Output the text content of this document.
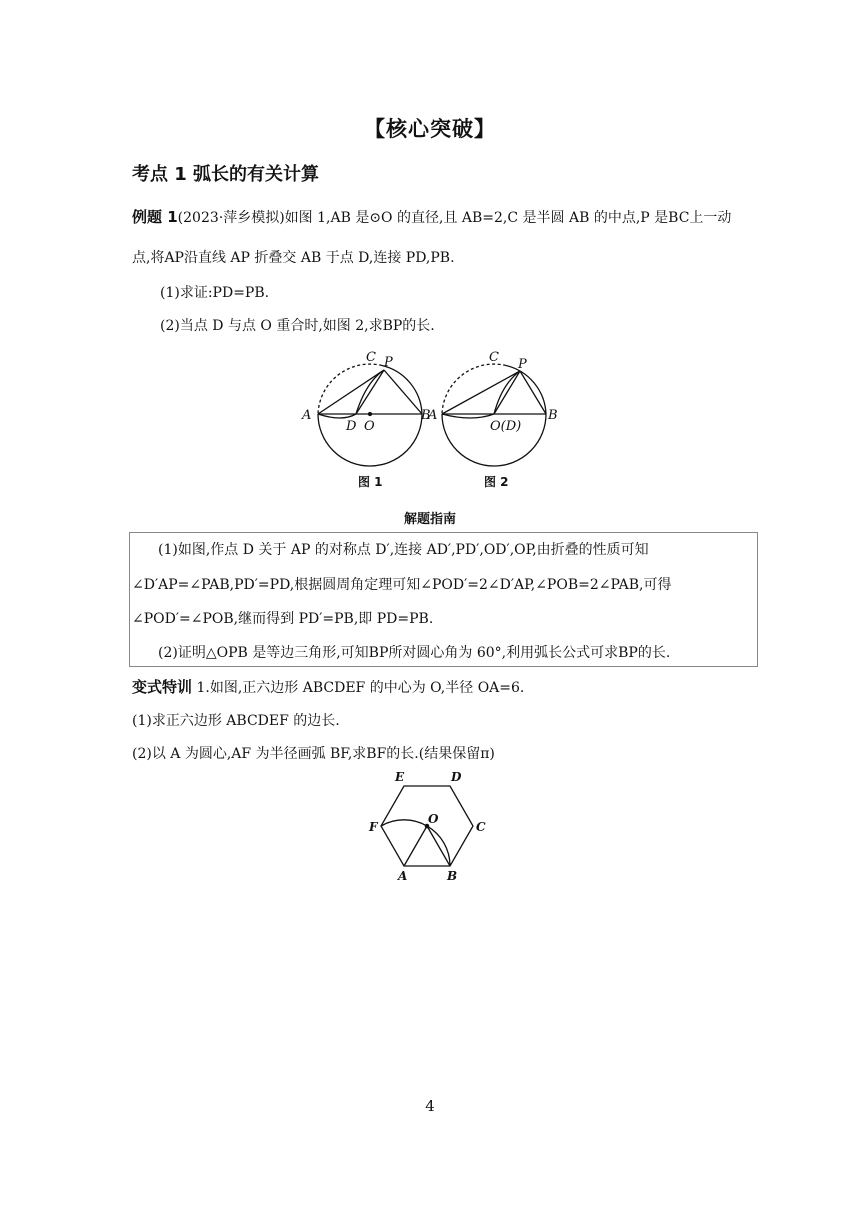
【核心突破】
考点 1 弧长的有关计算
例题 1(2023·萍乡模拟)如图 1,AB 是⊙O 的直径,且 AB=2,C 是半圆 AB 的中点,P 是BC上一动
点,将AP沿直线 AP 折叠交 AB 于点 D,连接 PD,PB.
(1)求证:PD=PB.
(2)当点 D 与点 O 重合时,如图 2,求BP的长.
C P
A	B
D O
图 1
C P
A	B
O(D)
图 2
解题指南
(1)如图,作点 D 关于 AP 的对称点 D′,连接 AD′,PD′,OD′,OP,由折叠的性质可知
∠D′AP=∠PAB,PD′=PD,根据圆周角定理可知∠POD′=2∠D′AP,∠POB=2∠PAB,可得
∠POD′=∠POB,继而得到 PD′=PB,即 PD=PB.
(2)证明△OPB 是等边三角形,可知BP所对圆心角为 60°,利用弧长公式可求BP的长.
变式特训 1.如图,正六边形 ABCDEF 的中心为 O,半径 OA=6.
(1)求正六边形 ABCDEF 的边长.
(2)以 A 为圆心,AF 为半径画弧 BF,求BF的长.(结果保留π)
E	D
F
O
C
A	B
4
